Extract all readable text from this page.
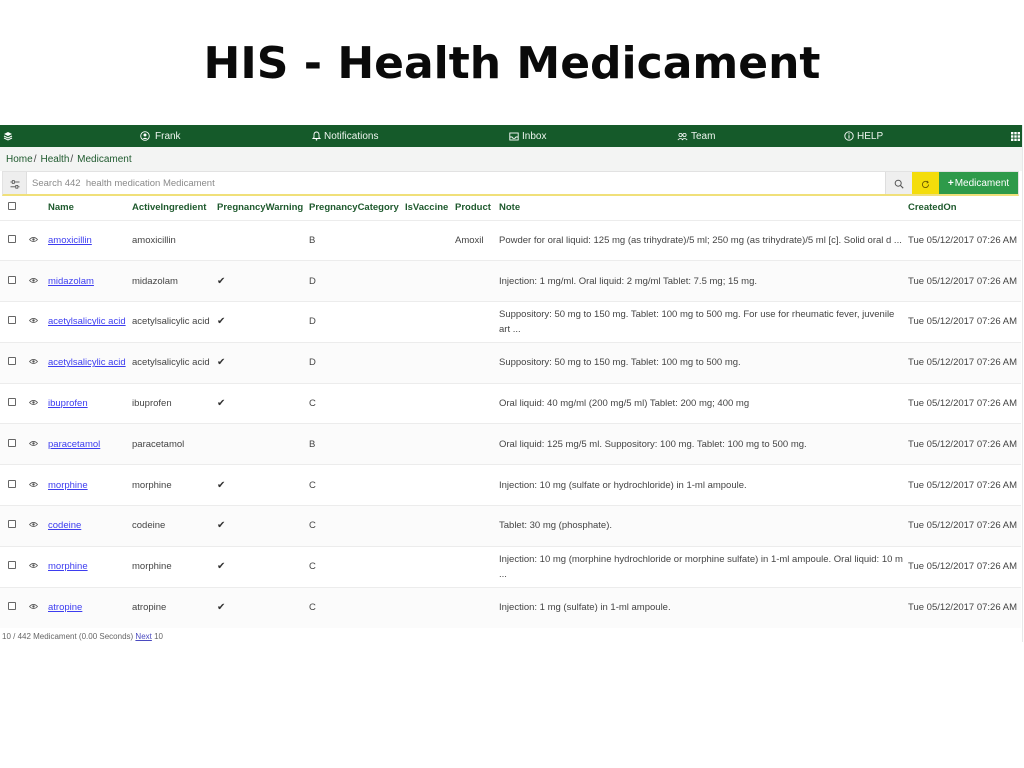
HIS - Health Medicament
Frank	Notifications	Inbox	Team	HELP
Home / Health / Medicament
Search 442 health medication Medicament
+ Medicament
		Name	ActiveIngredient	PregnancyWarning	PregnancyCategory	IsVaccine	Product	Note	CreatedOn
		amoxicillin	amoxicillin		B		Amoxil	Powder for oral liquid: 125 mg (as trihydrate)/5 ml; 250 mg (as trihydrate)/5 ml [c]. Solid oral d ...	Tue 05/12/2017 07:26 AM
		midazolam	midazolam	✔	D			Injection: 1 mg/ml. Oral liquid: 2 mg/ml Tablet: 7.5 mg; 15 mg.	Tue 05/12/2017 07:26 AM
		acetylsalicylic acid	acetylsalicylic acid	✔	D			Suppository: 50 mg to 150 mg. Tablet: 100 mg to 500 mg. For use for rheumatic fever, juvenile art ...	Tue 05/12/2017 07:26 AM
		acetylsalicylic acid	acetylsalicylic acid	✔	D			Suppository: 50 mg to 150 mg. Tablet: 100 mg to 500 mg.	Tue 05/12/2017 07:26 AM
		ibuprofen	ibuprofen	✔	C			Oral liquid: 40 mg/ml (200 mg/5 ml) Tablet: 200 mg; 400 mg	Tue 05/12/2017 07:26 AM
		paracetamol	paracetamol		B			Oral liquid: 125 mg/5 ml. Suppository: 100 mg. Tablet: 100 mg to 500 mg.	Tue 05/12/2017 07:26 AM
		morphine	morphine	✔	C			Injection: 10 mg (sulfate or hydrochloride) in 1-ml ampoule.	Tue 05/12/2017 07:26 AM
		codeine	codeine	✔	C			Tablet: 30 mg (phosphate).	Tue 05/12/2017 07:26 AM
		morphine	morphine	✔	C			Injection: 10 mg (morphine hydrochloride or morphine sulfate) in 1-ml ampoule. Oral liquid: 10 m ...	Tue 05/12/2017 07:26 AM
		atropine	atropine	✔	C			Injection: 1 mg (sulfate) in 1-ml ampoule.	Tue 05/12/2017 07:26 AM
10 / 442 Medicament (0.00 Seconds) Next 10
